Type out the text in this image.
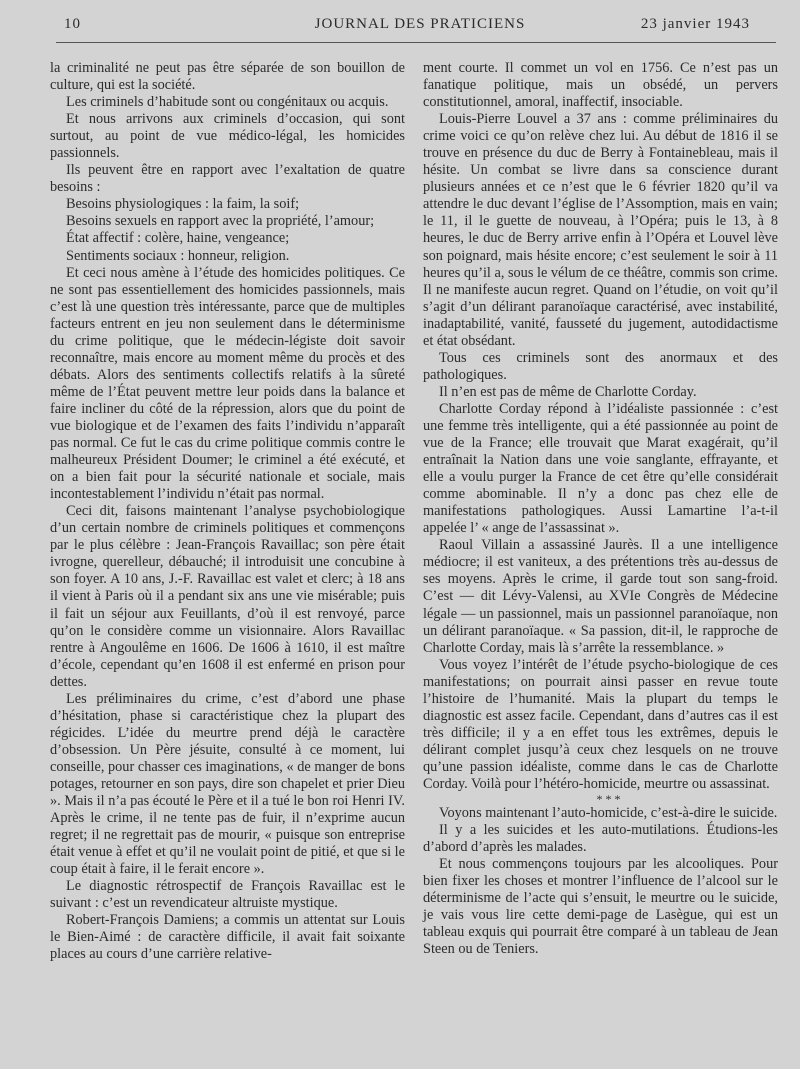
10	JOURNAL DES PRATICIENS	23 janvier 1943

la criminalité ne peut pas être séparée de son bouillon de culture, qui est la société.

Les criminels d’habitude sont ou congénitaux ou acquis.

Et nous arrivons aux criminels d’occasion, qui sont surtout, au point de vue médico-légal, les homicides passionnels.

Ils peuvent être en rapport avec l’exaltation de quatre besoins :

Besoins physiologiques : la faim, la soif;

Besoins sexuels en rapport avec la propriété, l’amour;

État affectif : colère, haine, vengeance;

Sentiments sociaux : honneur, religion.

Et ceci nous amène à l’étude des homicides politiques. Ce ne sont pas essentiellement des homicides passionnels, mais c’est là une question très intéressante, parce que de multiples facteurs entrent en jeu non seulement dans le déterminisme du crime politique, que le médecin-légiste doit savoir reconnaître, mais encore au moment même du procès et des débats. Alors des sentiments collectifs relatifs à la sûreté même de l’État peuvent mettre leur poids dans la balance et faire incliner du côté de la répression, alors que du point de vue biologique et de l’examen des faits l’individu n’apparaît pas normal. Ce fut le cas du crime politique commis contre le malheureux Président Doumer; le criminel a été exécuté, et on a bien fait pour la sécurité nationale et sociale, mais incontestablement l’individu n’était pas normal.

Ceci dit, faisons maintenant l’analyse psychobiologique d’un certain nombre de criminels politiques et commençons par le plus célèbre : Jean-François Ravaillac; son père était ivrogne, querelleur, débauché; il introduisit une concubine à son foyer. A 10 ans, J.-F. Ravaillac est valet et clerc; à 18 ans il vient à Paris où il a pendant six ans une vie misérable; puis il fait un séjour aux Feuillants, d’où il est renvoyé, parce qu’on le considère comme un visionnaire. Alors Ravaillac rentre à Angoulême en 1606. De 1606 à 1610, il est maître d’école, cependant qu’en 1608 il est enfermé en prison pour dettes.

Les préliminaires du crime, c’est d’abord une phase d’hésitation, phase si caractéristique chez la plupart des régicides. L’idée du meurtre prend déjà le caractère d’obsession. Un Père jésuite, consulté à ce moment, lui conseille, pour chasser ces imaginations, « de manger de bons potages, retourner en son pays, dire son chapelet et prier Dieu ». Mais il n’a pas écouté le Père et il a tué le bon roi Henri IV. Après le crime, il ne tente pas de fuir, il n’exprime aucun regret; il ne regrettait pas de mourir, « puisque son entreprise était venue à effet et qu’il ne voulait point de pitié, et que si le coup était à faire, il le ferait encore ».

Le diagnostic rétrospectif de François Ravaillac est le suivant : c’est un revendicateur altruiste mystique.

Robert-François Damiens; a commis un attentat sur Louis le Bien-Aimé : de caractère difficile, il avait fait soixante places au cours d’une carrière relative-

ment courte. Il commet un vol en 1756. Ce n’est pas un fanatique politique, mais un obsédé, un pervers constitutionnel, amoral, inaffectif, insociable.

Louis-Pierre Louvel a 37 ans : comme préliminaires du crime voici ce qu’on relève chez lui. Au début de 1816 il se trouve en présence du duc de Berry à Fontainebleau, mais il hésite. Un combat se livre dans sa conscience durant plusieurs années et ce n’est que le 6 février 1820 qu’il va attendre le duc devant l’église de l’Assomption, mais en vain; le 11, il le guette de nouveau, à l’Opéra; puis le 13, à 8 heures, le duc de Berry arrive enfin à l’Opéra et Louvel lève son poignard, mais hésite encore; c’est seulement le soir à 11 heures qu’il a, sous le vélum de ce théâtre, commis son crime. Il ne manifeste aucun regret. Quand on l’étudie, on voit qu’il s’agit d’un délirant paranoïaque caractérisé, avec instabilité, inadaptabilité, vanité, fausseté du jugement, autodidactisme et état obsédant.

Tous ces criminels sont des anormaux et des pathologiques.

Il n’en est pas de même de Charlotte Corday.

Charlotte Corday répond à l’idéaliste passionnée : c’est une femme très intelligente, qui a été passionnée au point de vue de la France; elle trouvait que Marat exagérait, qu’il entraînait la Nation dans une voie sanglante, effrayante, et elle a voulu purger la France de cet être qu’elle considérait comme abominable. Il n’y a donc pas chez elle de manifestations pathologiques. Aussi Lamartine l’a-t-il appelée l’ « ange de l’assassinat ».

Raoul Villain a assassiné Jaurès. Il a une intelligence médiocre; il est vaniteux, a des prétentions très au-dessus de ses moyens. Après le crime, il garde tout son sang-froid. C’est — dit Lévy-Valensi, au XVIe Congrès de Médecine légale — un passionnel, mais un passionnel paranoïaque, non un délirant paranoïaque. « Sa passion, dit-il, le rapproche de Charlotte Corday, mais là s’arrête la ressemblance. »

Vous voyez l’intérêt de l’étude psycho-biologique de ces manifestations; on pourrait ainsi passer en revue toute l’histoire de l’humanité. Mais la plupart du temps le diagnostic est assez facile. Cependant, dans d’autres cas il est très difficile; il y a en effet tous les extrêmes, depuis le délirant complet jusqu’à ceux chez lesquels on ne trouve qu’une passion idéaliste, comme dans le cas de Charlotte Corday. Voilà pour l’hétéro-homicide, meurtre ou assassinat.

* * *

Voyons maintenant l’auto-homicide, c’est-à-dire le suicide.

Il y a les suicides et les auto-mutilations. Étudions-les d’abord d’après les malades.

Et nous commençons toujours par les alcooliques. Pour bien fixer les choses et montrer l’influence de l’alcool sur le déterminisme de l’acte qui s’ensuit, le meurtre ou le suicide, je vais vous lire cette demi-page de Lasègue, qui est un tableau exquis qui pourrait être comparé à un tableau de Jean Steen ou de Teniers.
